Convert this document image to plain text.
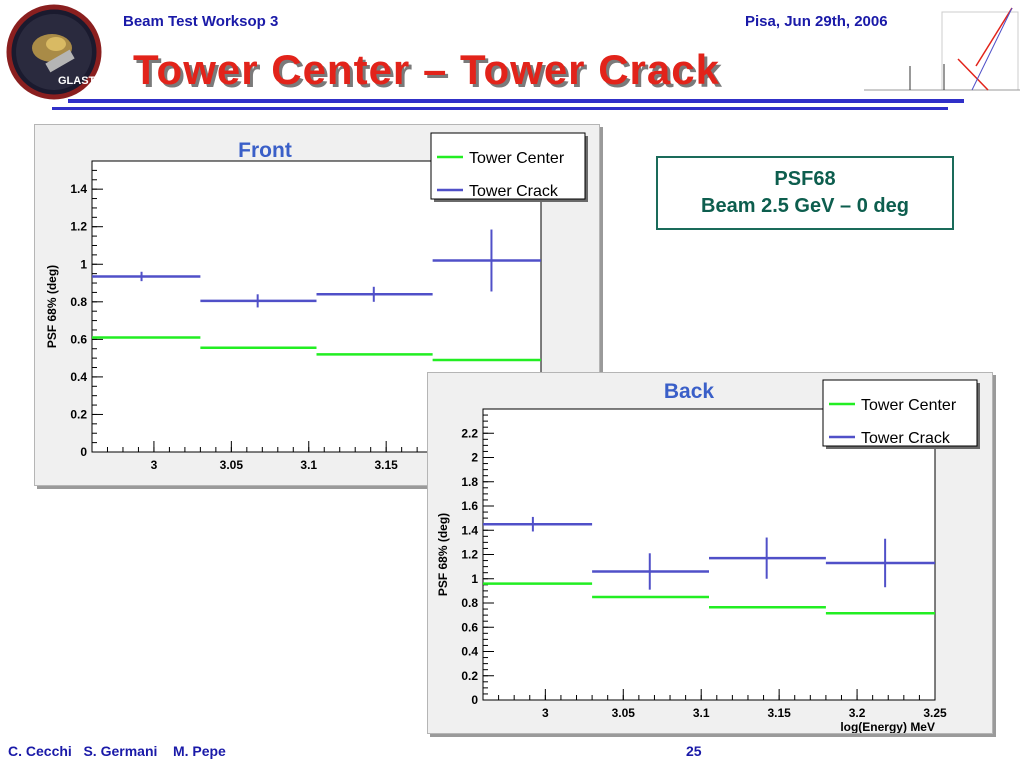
GLAST
Beam Test Worksop 3	Pisa, Jun 29th, 2006
Tower Center – Tower Crack
0
0.2
0.4
0.6
0.8
1
1.2
1.4
3	3.05	3.1	3.15
PSF 68% (deg)
Front	Tower Center
Tower Crack
0
0.2
0.4
0.6
0.8
1
1.2
1.4
1.6
1.8
2
2.2
3	3.05	3.1	3.15	3.2	3.25
PSF 68% (deg)
log(Energy) MeV
Back
Tower Center
Tower Crack
PSF68
Beam 2.5 GeV – 0 deg
C. Cecchi   S. Germani    M. Pepe	25
